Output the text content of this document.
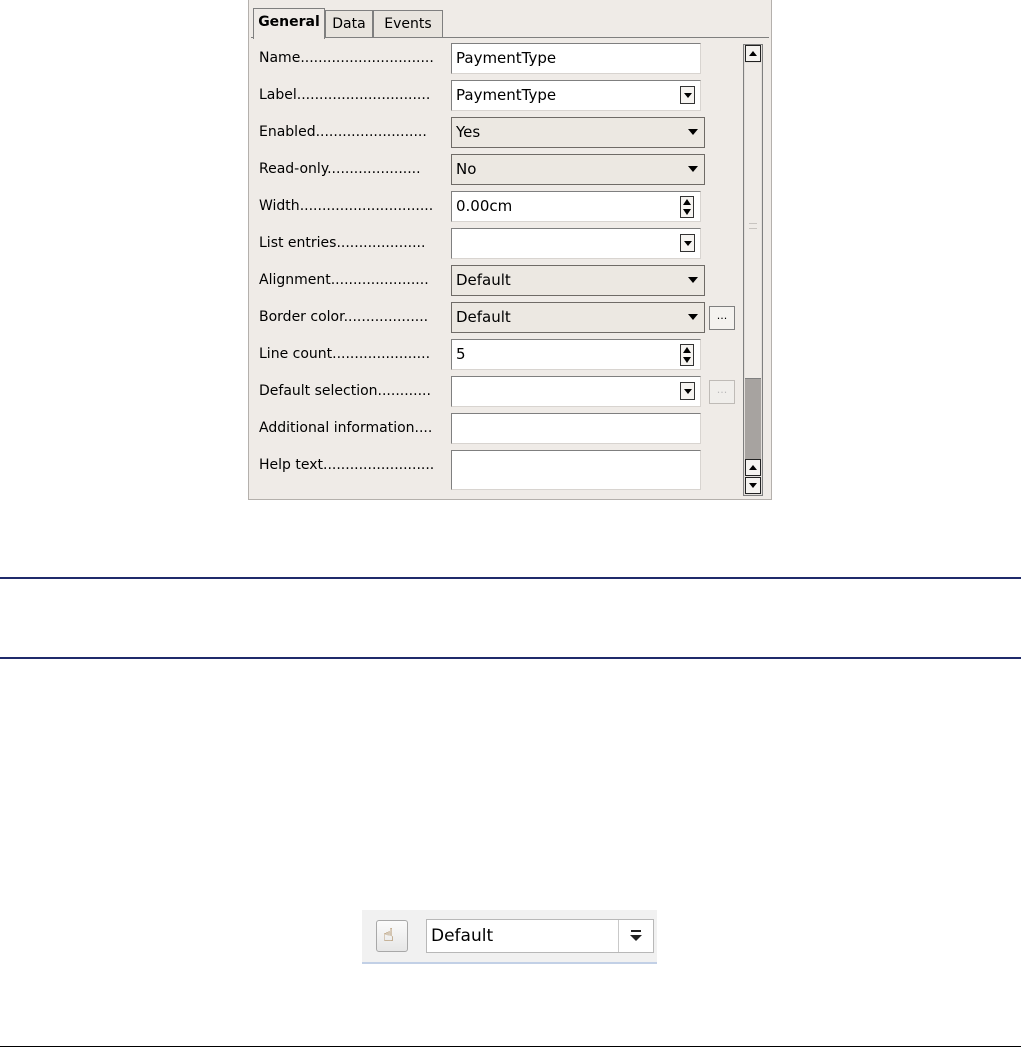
General Data	Events
Name..............................	PaymentType
Label..............................	PaymentType
Enabled.........................	Yes
Read-only.....................	No
Width..............................	0.00cm
List entries....................
Alignment......................	Default
Border color...................	Default	...
Line count......................	5
Default selection............	...
Additional information....
Help text.........................
☝ Default
